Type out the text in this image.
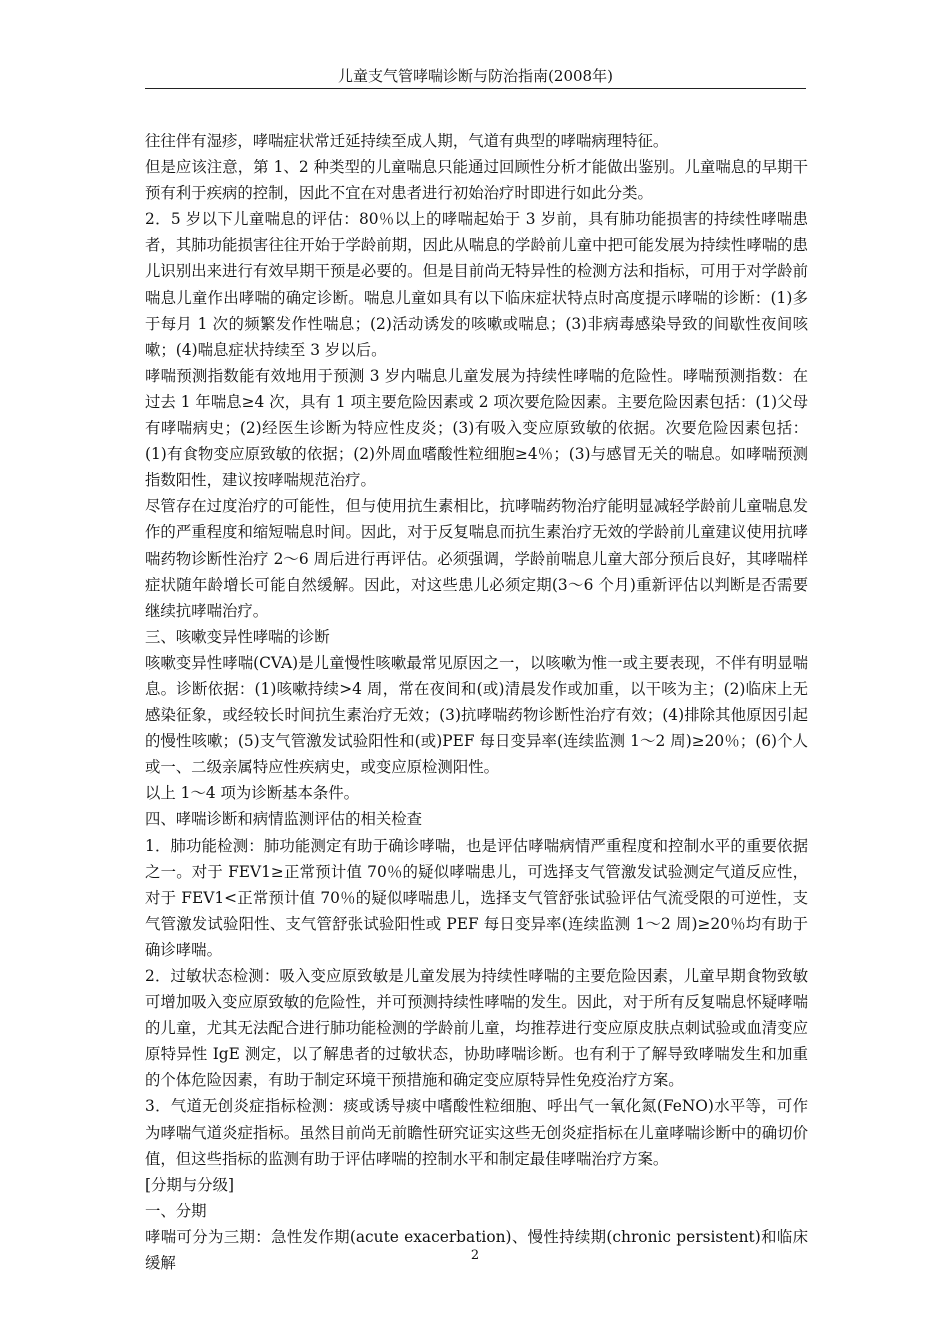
儿童支气管哮喘诊断与防治指南(2008年)

往往伴有湿疹，哮喘症状常迁延持续至成人期，气道有典型的哮喘病理特征。

但是应该注意，第 1、2 种类型的儿童喘息只能通过回顾性分析才能做出鉴别。儿童喘息的早期干预有利于疾病的控制，因此不宜在对患者进行初始治疗时即进行如此分类。

2．5 岁以下儿童喘息的评估：80％以上的哮喘起始于 3 岁前，具有肺功能损害的持续性哮喘患者，其肺功能损害往往开始于学龄前期，因此从喘息的学龄前儿童中把可能发展为持续性哮喘的患儿识别出来进行有效早期干预是必要的。但是目前尚无特异性的检测方法和指标，可用于对学龄前喘息儿童作出哮喘的确定诊断。喘息儿童如具有以下临床症状特点时高度提示哮喘的诊断：(1)多于每月 1 次的频繁发作性喘息；(2)活动诱发的咳嗽或喘息；(3)非病毒感染导致的间歇性夜间咳嗽；(4)喘息症状持续至 3 岁以后。

哮喘预测指数能有效地用于预测 3 岁内喘息儿童发展为持续性哮喘的危险性。哮喘预测指数：在过去 1 年喘息≥4 次，具有 1 项主要危险因素或 2 项次要危险因素。主要危险因素包括：(1)父母有哮喘病史；(2)经医生诊断为特应性皮炎；(3)有吸入变应原致敏的依据。次要危险因素包括：(1)有食物变应原致敏的依据；(2)外周血嗜酸性粒细胞≥4％；(3)与感冒无关的喘息。如哮喘预测指数阳性，建议按哮喘规范治疗。

尽管存在过度治疗的可能性，但与使用抗生素相比，抗哮喘药物治疗能明显减轻学龄前儿童喘息发作的严重程度和缩短喘息时间。因此，对于反复喘息而抗生素治疗无效的学龄前儿童建议使用抗哮喘药物诊断性治疗 2～6 周后进行再评估。必须强调，学龄前喘息儿童大部分预后良好，其哮喘样症状随年龄增长可能自然缓解。因此，对这些患儿必须定期(3～6 个月)重新评估以判断是否需要继续抗哮喘治疗。

三、咳嗽变异性哮喘的诊断

咳嗽变异性哮喘(CVA)是儿童慢性咳嗽最常见原因之一，以咳嗽为惟一或主要表现，不伴有明显喘息。诊断依据：(1)咳嗽持续>4 周，常在夜间和(或)清晨发作或加重，以干咳为主；(2)临床上无感染征象，或经较长时间抗生素治疗无效；(3)抗哮喘药物诊断性治疗有效；(4)排除其他原因引起的慢性咳嗽；(5)支气管激发试验阳性和(或)PEF 每日变异率(连续监测 1～2 周)≥20％；(6)个人或一、二级亲属特应性疾病史，或变应原检测阳性。

以上 1～4 项为诊断基本条件。

四、哮喘诊断和病情监测评估的相关检查

1．肺功能检测：肺功能测定有助于确诊哮喘，也是评估哮喘病情严重程度和控制水平的重要依据之一。对于 FEV1≥正常预计值 70％的疑似哮喘患儿，可选择支气管激发试验测定气道反应性，对于 FEV1<正常预计值 70％的疑似哮喘患儿，选择支气管舒张试验评估气流受限的可逆性，支气管激发试验阳性、支气管舒张试验阳性或 PEF 每日变异率(连续监测 1～2 周)≥20％均有助于确诊哮喘。

2．过敏状态检测：吸入变应原致敏是儿童发展为持续性哮喘的主要危险因素，儿童早期食物致敏可增加吸入变应原致敏的危险性，并可预测持续性哮喘的发生。因此，对于所有反复喘息怀疑哮喘的儿童，尤其无法配合进行肺功能检测的学龄前儿童，均推荐进行变应原皮肤点刺试验或血清变应原特异性 IgE 测定，以了解患者的过敏状态，协助哮喘诊断。也有利于了解导致哮喘发生和加重的个体危险因素，有助于制定环境干预措施和确定变应原特异性免疫治疗方案。

3．气道无创炎症指标检测：痰或诱导痰中嗜酸性粒细胞、呼出气一氧化氮(FeNO)水平等，可作为哮喘气道炎症指标。虽然目前尚无前瞻性研究证实这些无创炎症指标在儿童哮喘诊断中的确切价值，但这些指标的监测有助于评估哮喘的控制水平和制定最佳哮喘治疗方案。

[分期与分级]

一、分期

哮喘可分为三期：急性发作期(acute exacerbation)、慢性持续期(chronic persistent)和临床缓解	2
